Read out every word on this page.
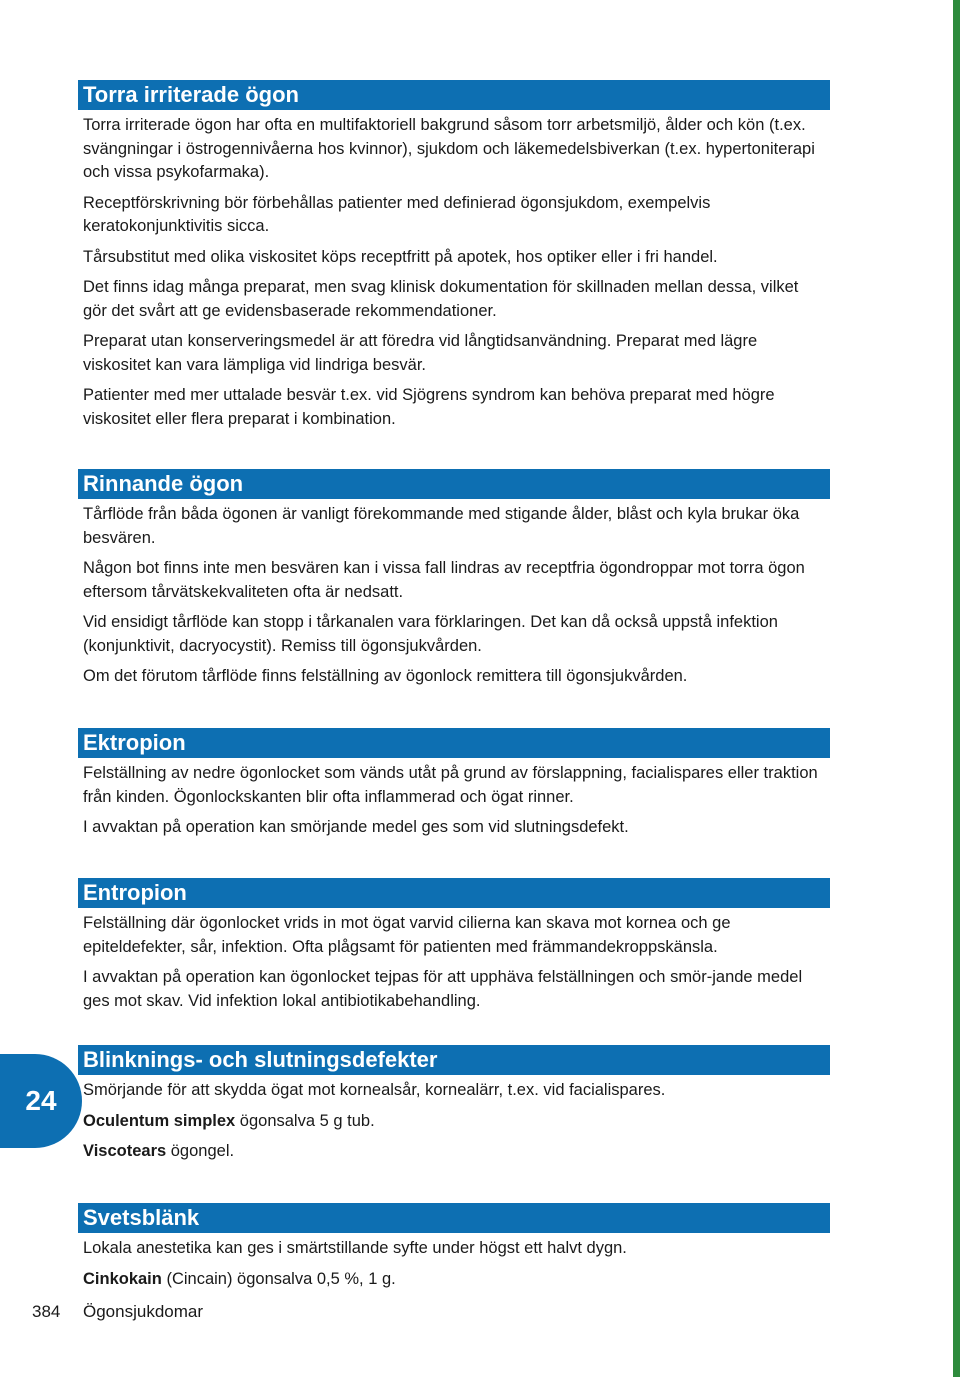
24
Torra irriterade ögon

Torra irriterade ögon har ofta en multifaktoriell bakgrund såsom torr arbetsmiljö, ålder och kön (t.ex. svängningar i östrogennivåerna hos kvinnor), sjukdom och läkemedelsbiverkan (t.ex. hypertoniterapi och vissa psykofarmaka).

Receptförskrivning bör förbehållas patienter med definierad ögonsjukdom, exempelvis keratokonjunktivitis sicca.

Tårsubstitut med olika viskositet köps receptfritt på apotek, hos optiker eller i fri handel.

Det finns idag många preparat, men svag klinisk dokumentation för skillnaden mellan dessa, vilket gör det svårt att ge evidensbaserade rekommendationer.

Preparat utan konserveringsmedel är att föredra vid långtidsanvändning. Preparat med lägre viskositet kan vara lämpliga vid lindriga besvär.

Patienter med mer uttalade besvär t.ex. vid Sjögrens syndrom kan behöva preparat med högre viskositet eller flera preparat i kombination.

Rinnande ögon

Tårflöde från båda ögonen är vanligt förekommande med stigande ålder, blåst och kyla brukar öka besvären.

Någon bot finns inte men besvären kan i vissa fall lindras av receptfria ögondroppar mot torra ögon eftersom tårvätskekvaliteten ofta är nedsatt.

Vid ensidigt tårflöde kan stopp i tårkanalen vara förklaringen. Det kan då också uppstå infektion (konjunktivit, dacryocystit). Remiss till ögonsjukvården.

Om det förutom tårflöde finns felställning av ögonlock remittera till ögonsjukvården.

Ektropion

Felställning av nedre ögonlocket som vänds utåt på grund av förslappning, facialispares eller traktion från kinden. Ögonlockskanten blir ofta inflammerad och ögat rinner.

I avvaktan på operation kan smörjande medel ges som vid slutningsdefekt.

Entropion

Felställning där ögonlocket vrids in mot ögat varvid cilierna kan skava mot kornea och ge epiteldefekter, sår, infektion. Ofta plågsamt för patienten med främmandekroppskänsla.

I avvaktan på operation kan ögonlocket tejpas för att upphäva felställningen och smör-jande medel ges mot skav. Vid infektion lokal antibiotikabehandling.

Blinknings- och slutningsdefekter

Smörjande för att skydda ögat mot kornealsår, kornealärr, t.ex. vid facialispares.

Oculentum simplex ögonsalva 5 g tub.

Viscotears ögongel.

Svetsblänk

Lokala anestetika kan ges i smärtstillande syfte under högst ett halvt dygn.

Cinkokain (Cincain) ögonsalva 0,5 %, 1 g.

384 Ögonsjukdomar
